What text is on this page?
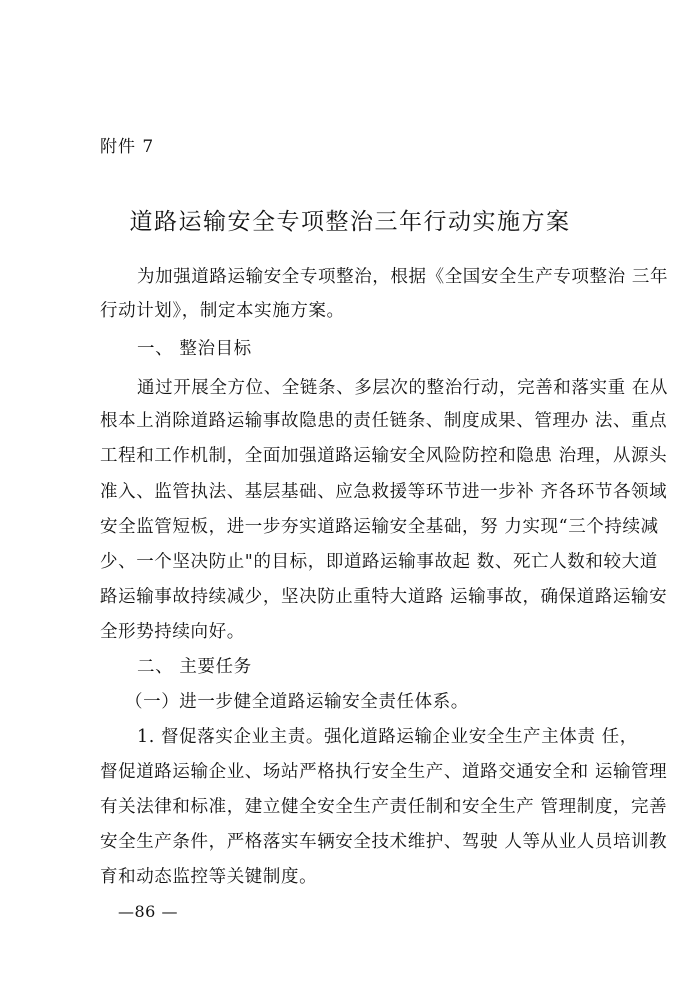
附件 7
道路运输安全专项整治三年行动实施方案
为加强道路运输安全专项整治，根据《全国安全生产专项整治 三年
行动计划》，制定本实施方案。
一、 整治目标
通过开展全方位、全链条、多层次的整治行动，完善和落实重 在从
根本上消除道路运输事故隐患的责任链条、制度成果、管理办 法、重点
工程和工作机制，全面加强道路运输安全风险防控和隐患 治理，从源头
准入、监管执法、基层基础、应急救援等环节进一步补 齐各环节各领域
安全监管短板，进一步夯实道路运输安全基础，努 力实现“三个持续减
少、一个坚决防止"的目标，即道路运输事故起 数、死亡人数和较大道
路运输事故持续减少，坚决防止重特大道路 运输事故，确保道路运输安
全形势持续向好。
二、 主要任务
（一）进一步健全道路运输安全责任体系。
1. 督促落实企业主责。强化道路运输企业安全生产主体责 任，
督促道路运输企业、场站严格执行安全生产、道路交通安全和 运输管理
有关法律和标准，建立健全安全生产责任制和安全生产 管理制度，完善
安全生产条件，严格落实车辆安全技术维护、驾驶 人等从业人员培训教
育和动态监控等关键制度。
—86 —
